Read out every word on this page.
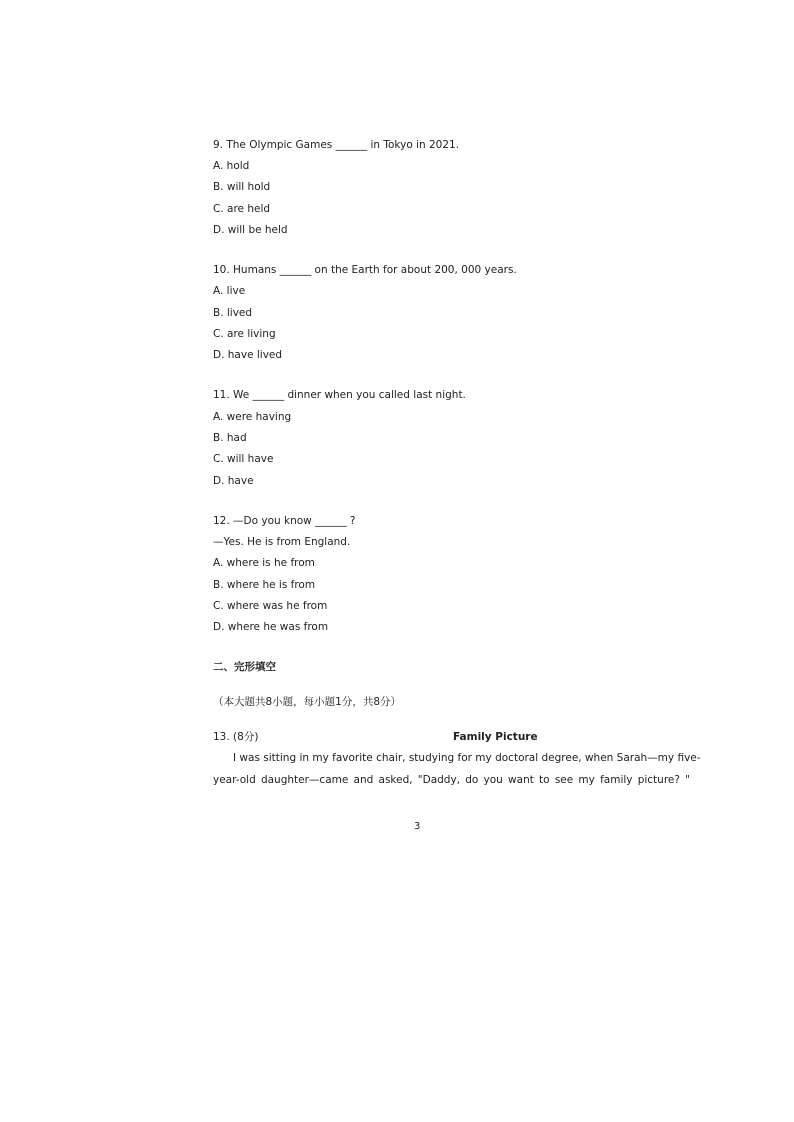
9. The Olympic Games ______ in Tokyo in 2021.
A. hold
B. will hold
C. are held
D. will be held
10. Humans ______ on the Earth for about 200, 000 years.
A. live
B. lived
C. are living
D. have lived
11. We ______ dinner when you called last night.
A. were having
B. had
C. will have
D. have
12. —Do you know ______ ?
—Yes. He is from England.
A. where is he from
B. where he is from
C. where was he from
D. where he was from
二、完形填空
（本大题共8小题，每小题1分，共8分）
13. (8分)	Family Picture
I was sitting in my favorite chair, studying for my doctoral degree, when Sarah—my five-
year-old daughter—came and asked, "Daddy, do you want to see my family picture? "
3
